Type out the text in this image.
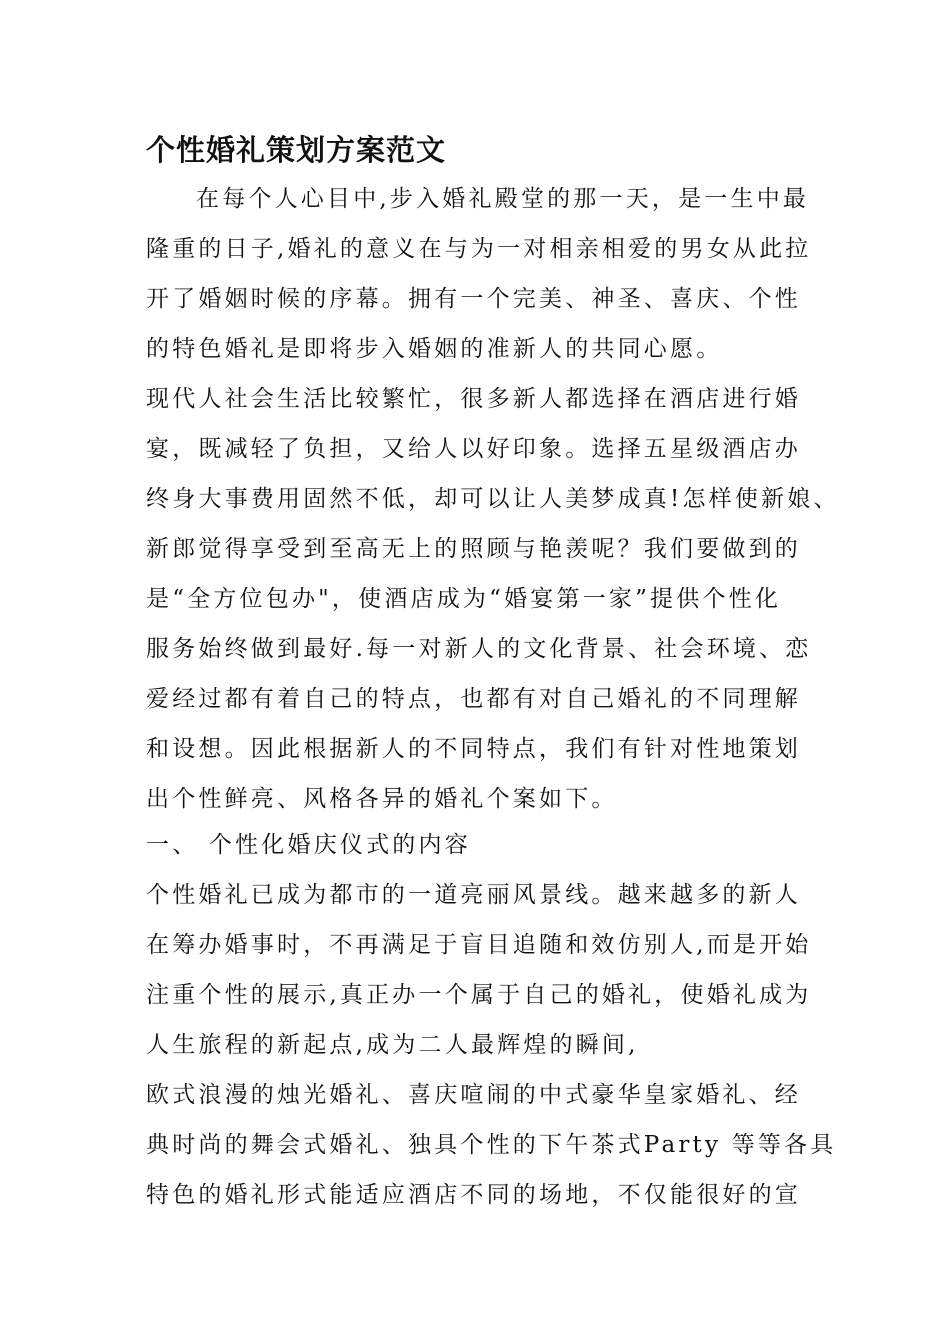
个性婚礼策划方案范文
在每个人心目中,步入婚礼殿堂的那一天，是一生中最
隆重的日子,婚礼的意义在与为一对相亲相爱的男女从此拉
开了婚姻时候的序幕。拥有一个完美、神圣、喜庆、个性
的特色婚礼是即将步入婚姻的准新人的共同心愿。
现代人社会生活比较繁忙，很多新人都选择在酒店进行婚
宴，既减轻了负担，又给人以好印象。选择五星级酒店办
终身大事费用固然不低，却可以让人美梦成真!怎样使新娘、
新郎觉得享受到至高无上的照顾与艳羡呢？我们要做到的
是“全方位包办"，使酒店成为“婚宴第一家”提供个性化
服务始终做到最好.每一对新人的文化背景、社会环境、恋
爱经过都有着自己的特点，也都有对自己婚礼的不同理解
和设想。因此根据新人的不同特点，我们有针对性地策划
出个性鲜亮、风格各异的婚礼个案如下。
一、 个性化婚庆仪式的内容
个性婚礼已成为都市的一道亮丽风景线。越来越多的新人
在筹办婚事时，不再满足于盲目追随和效仿别人,而是开始
注重个性的展示,真正办一个属于自己的婚礼，使婚礼成为
人生旅程的新起点,成为二人最辉煌的瞬间,
欧式浪漫的烛光婚礼、喜庆喧闹的中式豪华皇家婚礼、经
典时尚的舞会式婚礼、独具个性的下午茶式Party 等等各具
特色的婚礼形式能适应酒店不同的场地，不仅能很好的宣
